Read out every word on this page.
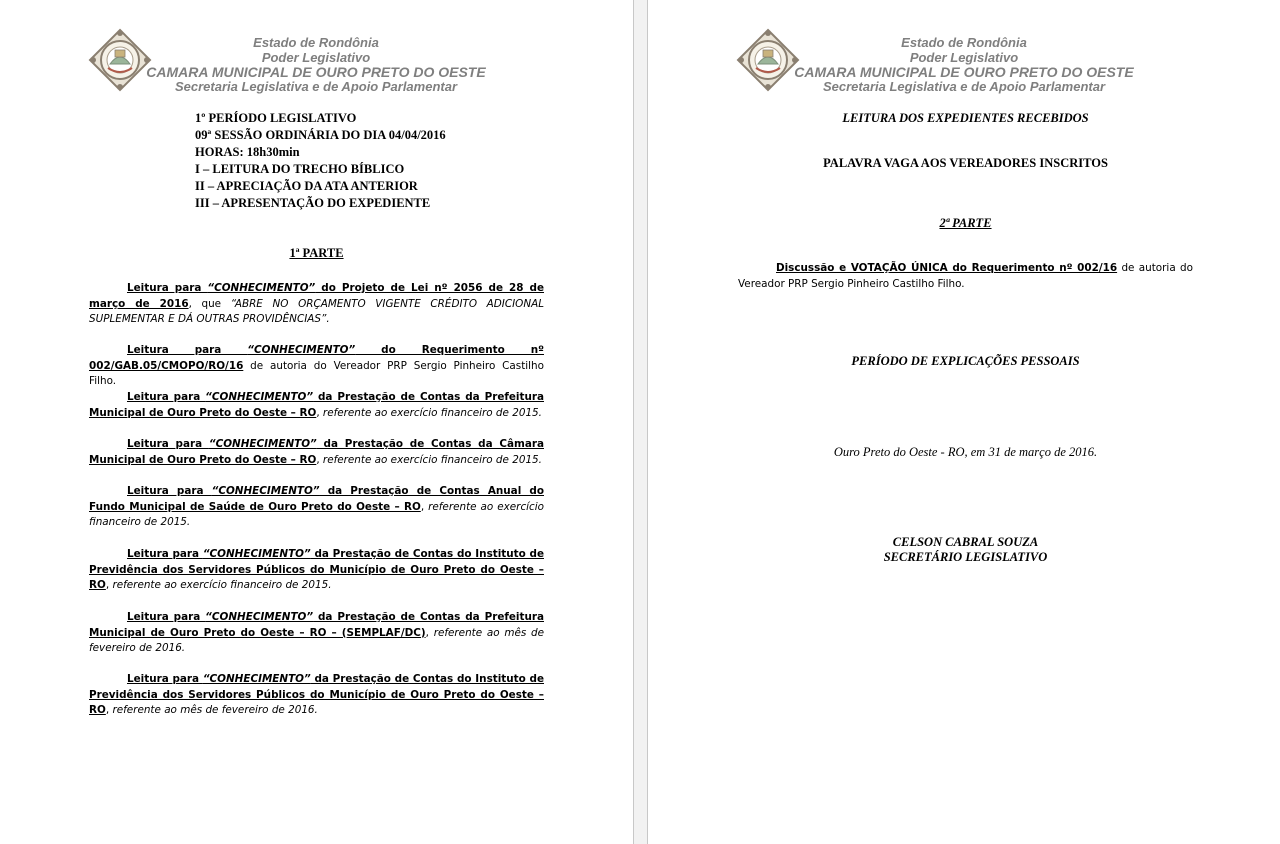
Estado de Rondônia
Poder Legislativo
CAMARA MUNICIPAL DE OURO PRETO DO OESTE
Secretaria Legislativa e de Apoio Parlamentar
1º PERÍODO LEGISLATIVO
09ª SESSÃO ORDINÁRIA DO DIA 04/04/2016
HORAS: 18h30min
I – LEITURA DO TRECHO BÍBLICO
II – APRECIAÇÃO DA ATA ANTERIOR
III – APRESENTAÇÃO DO EXPEDIENTE
1ª PARTE
Leitura para “CONHECIMENTO” do Projeto de Lei nº 2056 de 28 de março de 2016, que “ABRE NO ORÇAMENTO VIGENTE CRÉDITO ADICIONAL SUPLEMENTAR E DÁ OUTRAS PROVIDÊNCIAS”.
Leitura para “CONHECIMENTO” do Requerimento nº 002/GAB.05/CMOPO/RO/16 de autoria do Vereador PRP Sergio Pinheiro Castilho Filho.
Leitura para “CONHECIMENTO” da Prestação de Contas da Prefeitura Municipal de Ouro Preto do Oeste – RO, referente ao exercício financeiro de 2015.
Leitura para “CONHECIMENTO” da Prestação de Contas da Câmara Municipal de Ouro Preto do Oeste – RO, referente ao exercício financeiro de 2015.
Leitura para “CONHECIMENTO” da Prestação de Contas Anual do Fundo Municipal de Saúde de Ouro Preto do Oeste – RO, referente ao exercício financeiro de 2015.
Leitura para “CONHECIMENTO” da Prestação de Contas do Instituto de Previdência dos Servidores Públicos do Município de Ouro Preto do Oeste – RO, referente ao exercício financeiro de 2015.
Leitura para “CONHECIMENTO” da Prestação de Contas da Prefeitura Municipal de Ouro Preto do Oeste – RO – (SEMPLAF/DC), referente ao mês de fevereiro de 2016.
Leitura para “CONHECIMENTO” da Prestação de Contas do Instituto de Previdência dos Servidores Públicos do Município de Ouro Preto do Oeste – RO, referente ao mês de fevereiro de 2016.
Estado de Rondônia
Poder Legislativo
CAMARA MUNICIPAL DE OURO PRETO DO OESTE
Secretaria Legislativa e de Apoio Parlamentar
LEITURA DOS EXPEDIENTES RECEBIDOS
PALAVRA VAGA AOS VEREADORES INSCRITOS
2ª PARTE
Discussão e VOTAÇÃO ÚNICA do Requerimento nº 002/16 de autoria do Vereador PRP Sergio Pinheiro Castilho Filho.
PERÍODO DE EXPLICAÇÕES PESSOAIS
Ouro Preto do Oeste - RO, em 31 de março de 2016.
CELSON CABRAL SOUZA
SECRETÁRIO LEGISLATIVO
